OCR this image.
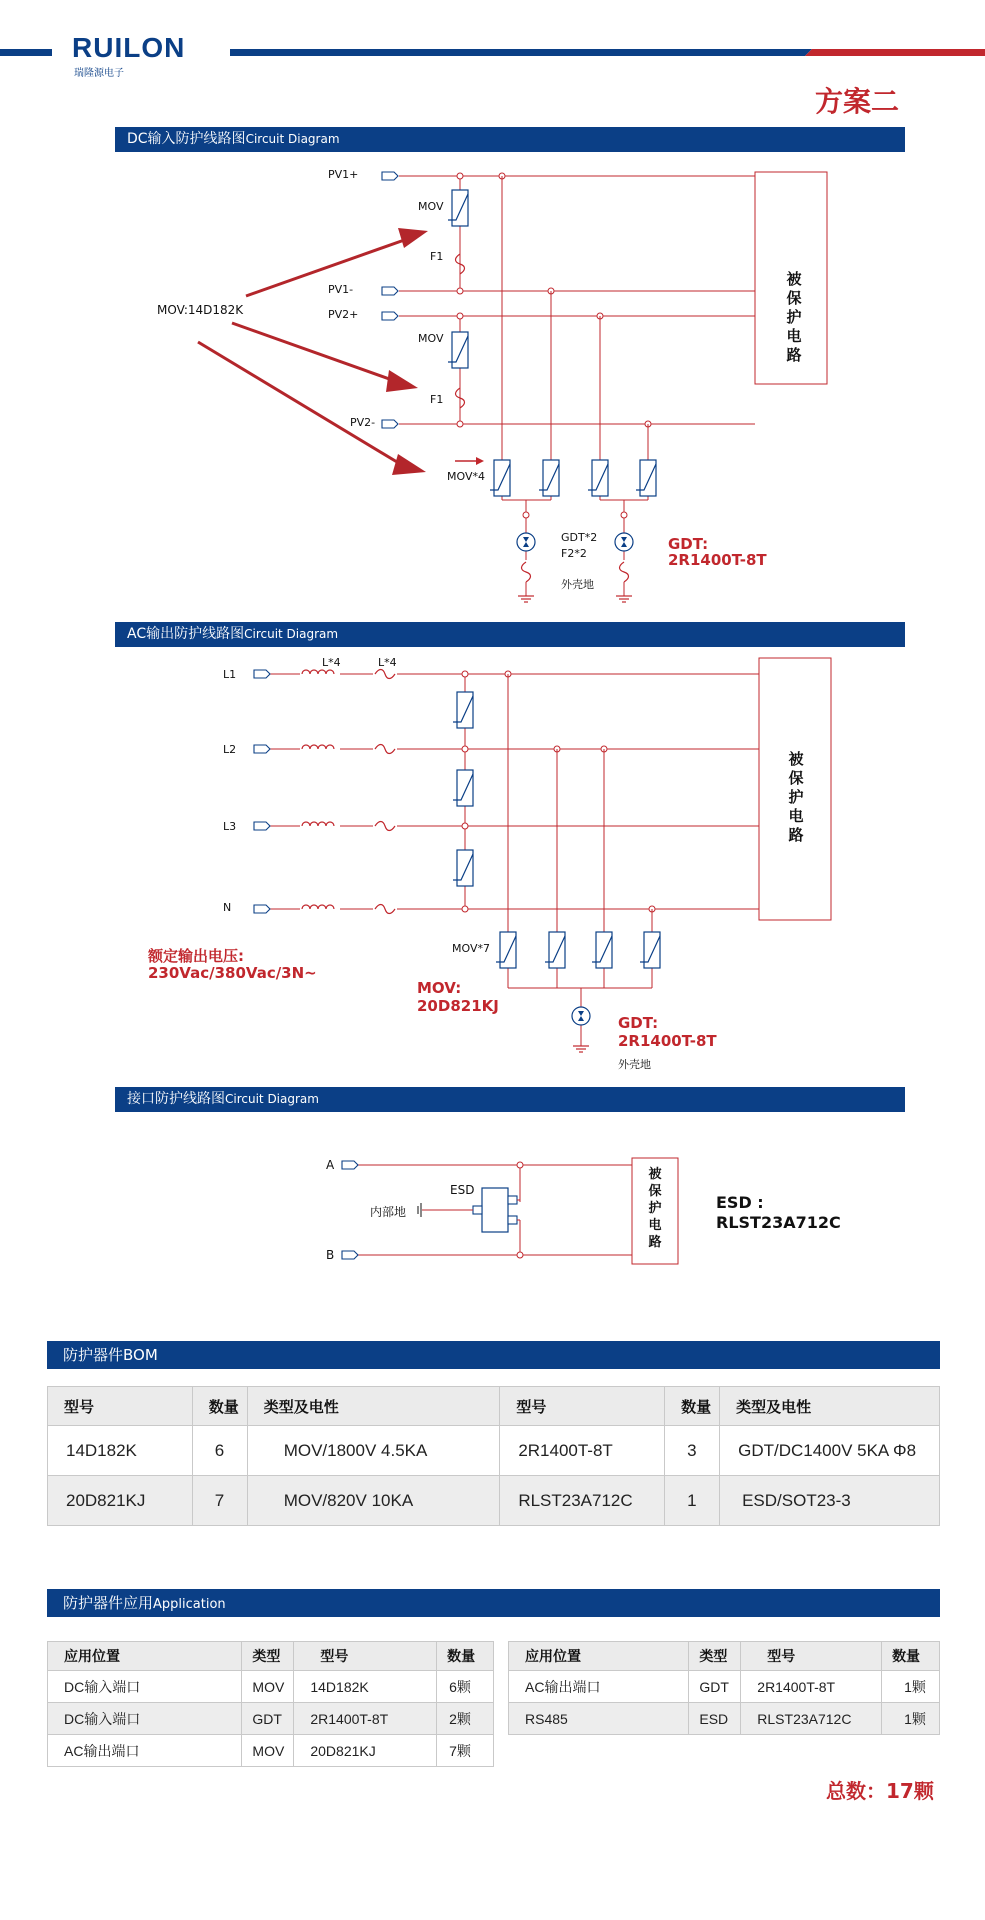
RUILON
瑞隆源电子
方案二
DC输入防护线路图Circuit Diagram
PV1+
PV1-
PV2+
PV2-
MOV
F1
MOV
F1
MOV:14D182K
MOV*4
GDT*2
F2*2
外壳地
GDT:
2R1400T-8T
被
保
护
电
路
AC输出防护线路图Circuit Diagram
L1
L2
L3
N
L*4	L*4
MOV*7
额定输出电压:
230Vac/380Vac/3N~
MOV:
20D821KJ
GDT:
2R1400T-8T
外壳地
被
保
护
电
路
接口防护线路图Circuit Diagram
A
B
ESD
内部地	ESD :
RLST23A712C
被
保
护
电
路
防护器件BOM
型号	数量	类型及电性	型号	数量	类型及电性
14D182K	6	MOV/1800V 4.5KA	2R1400T-8T	3	GDT/DC1400V 5KA Φ8
20D821KJ	7	MOV/820V 10KA	RLST23A712C	1	ESD/SOT23-3
防护器件应用Application
应用位置	类型	型号	数量
DC输入端口	MOV	14D182K	6颗
DC输入端口	GDT	2R1400T-8T	2颗
AC输出端口	MOV	20D821KJ	7颗
应用位置	类型	型号	数量
AC输出端口	GDT	2R1400T-8T	1颗
RS485	ESD	RLST23A712C	1颗
总数：17颗
